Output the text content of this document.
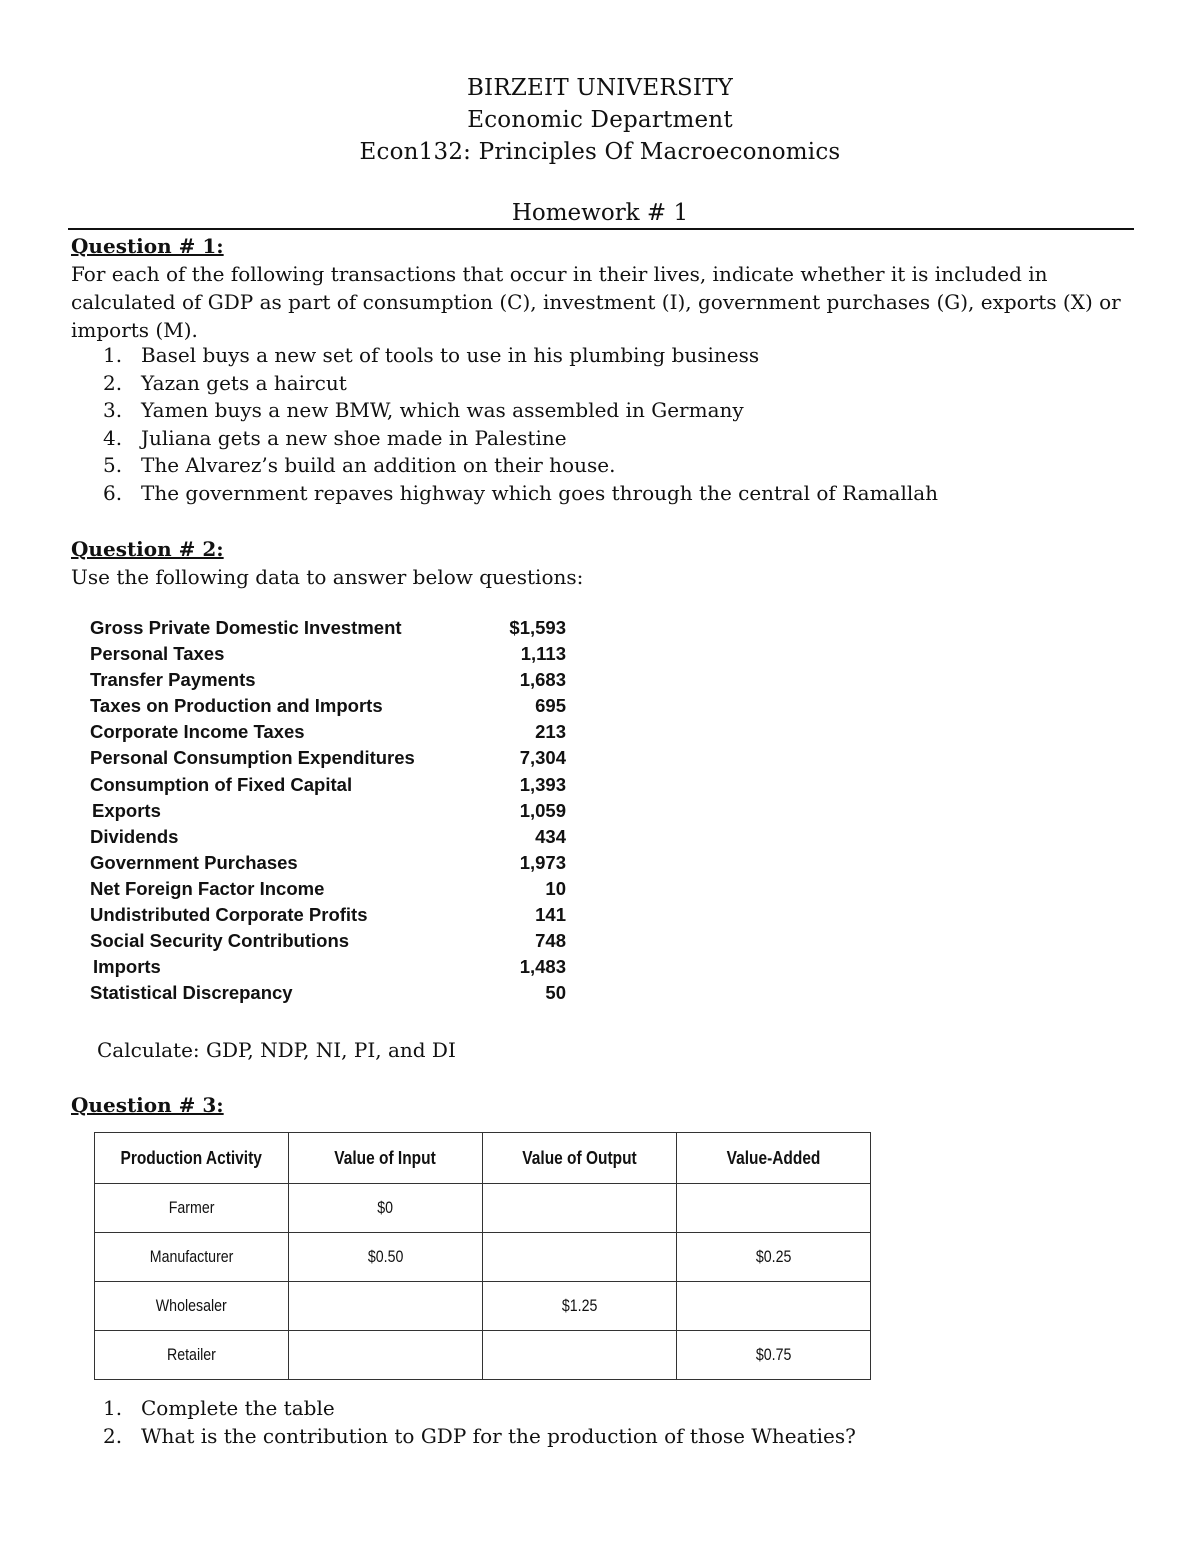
BIRZEIT UNIVERSITY
Economic Department
Econ132: Principles Of Macroeconomics
Homework # 1
Question # 1:
For each of the following transactions that occur in their lives, indicate whether it is included in calculated of GDP as part of consumption (C), investment (I), government purchases (G), exports (X) or imports (M).
1. Basel buys a new set of tools to use in his plumbing business
2. Yazan gets a haircut
3. Yamen buys a new BMW, which was assembled in Germany
4. Juliana gets a new shoe made in Palestine
5. The Alvarez’s build an addition on their house.
6. The government repaves highway which goes through the central of Ramallah
Question # 2:
Use the following data to answer below questions:
Gross Private Domestic Investment	$1,593
Personal Taxes	1,113
Transfer Payments	1,683
Taxes on Production and Imports	695
Corporate Income Taxes	213
Personal Consumption Expenditures	7,304
Consumption of Fixed Capital	1,393
Exports	1,059
Dividends	434
Government Purchases	1,973
Net Foreign Factor Income	10
Undistributed Corporate Profits	141
Social Security Contributions	748
Imports	1,483
Statistical Discrepancy	50
Calculate: GDP, NDP, NI, PI, and DI
Question # 3:
Production Activity	Value of Input	Value of Output	Value-Added
Farmer	$0		
Manufacturer	$0.50		$0.25
Wholesaler		$1.25	
Retailer			$0.75
1. Complete the table
2. What is the contribution to GDP for the production of those Wheaties?
